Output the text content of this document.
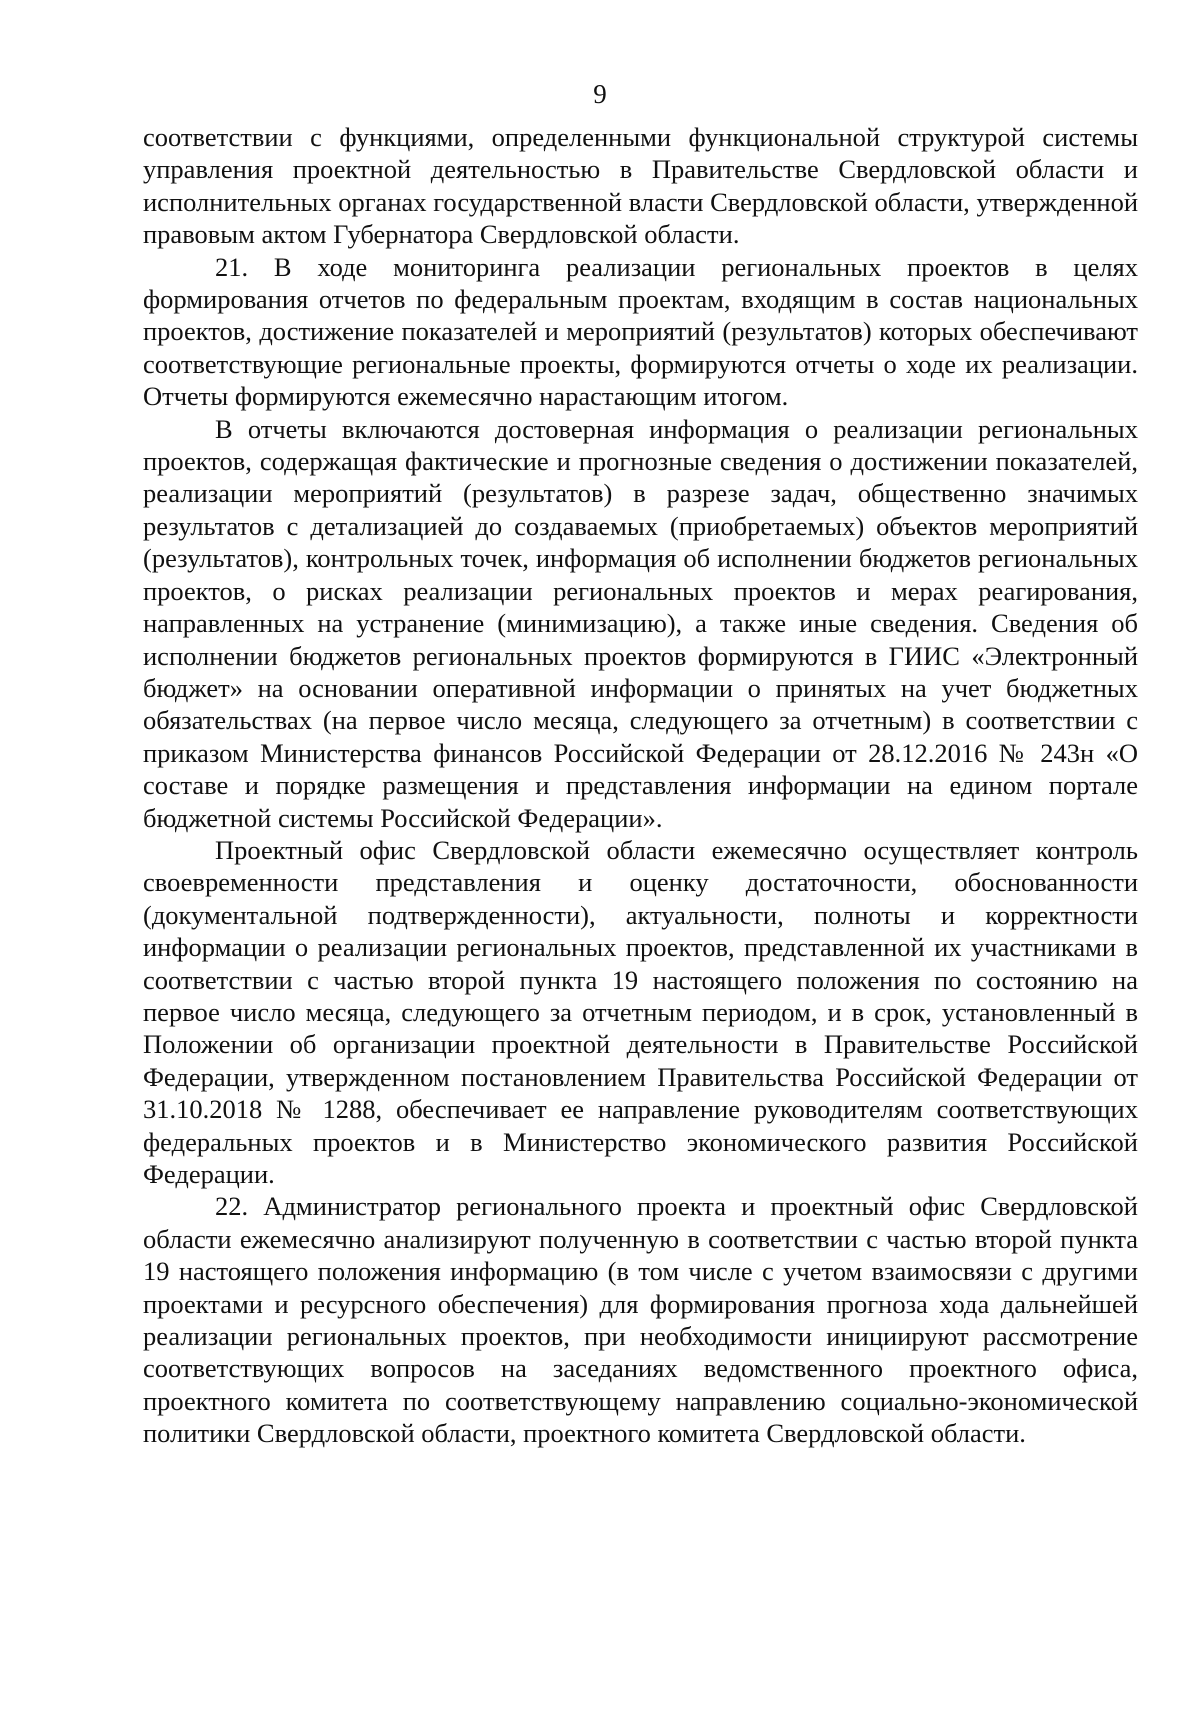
9

соответствии с функциями, определенными функциональной структурой системы управления проектной деятельностью в Правительстве Свердловской области и исполнительных органах государственной власти Свердловской области, утвержденной правовым актом Губернатора Свердловской области.

21. В ходе мониторинга реализации региональных проектов в целях формирования отчетов по федеральным проектам, входящим в состав национальных проектов, достижение показателей и мероприятий (результатов) которых обеспечивают соответствующие региональные проекты, формируются отчеты о ходе их реализации. Отчеты формируются ежемесячно нарастающим итогом.

В отчеты включаются достоверная информация о реализации региональных проектов, содержащая фактические и прогнозные сведения о достижении показателей, реализации мероприятий (результатов) в разрезе задач, общественно значимых результатов с детализацией до создаваемых (приобретаемых) объектов мероприятий (результатов), контрольных точек, информация об исполнении бюджетов региональных проектов, о рисках реализации региональных проектов и мерах реагирования, направленных на устранение (минимизацию), а также иные сведения. Сведения об исполнении бюджетов региональных проектов формируются в ГИИС «Электронный бюджет» на основании оперативной информации о принятых на учет бюджетных обязательствах (на первое число месяца, следующего за отчетным) в соответствии с приказом Министерства финансов Российской Федерации от 28.12.2016 № 243н «О составе и порядке размещения и представления информации на едином портале бюджетной системы Российской Федерации».

Проектный офис Свердловской области ежемесячно осуществляет контроль своевременности представления и оценку достаточности, обоснованности (документальной подтвержденности), актуальности, полноты и корректности информации о реализации региональных проектов, представленной их участниками в соответствии с частью второй пункта 19 настоящего положения по состоянию на первое число месяца, следующего за отчетным периодом, и в срок, установленный в Положении об организации проектной деятельности в Правительстве Российской Федерации, утвержденном постановлением Правительства Российской Федерации от 31.10.2018 № 1288, обеспечивает ее направление руководителям соответствующих федеральных проектов и в Министерство экономического развития Российской Федерации.

22. Администратор регионального проекта и проектный офис Свердловской области ежемесячно анализируют полученную в соответствии с частью второй пункта 19 настоящего положения информацию (в том числе с учетом взаимосвязи с другими проектами и ресурсного обеспечения) для формирования прогноза хода дальнейшей реализации региональных проектов, при необходимости инициируют рассмотрение соответствующих вопросов на заседаниях ведомственного проектного офиса, проектного комитета по соответствующему направлению социально-экономической политики Свердловской области, проектного комитета Свердловской области.
